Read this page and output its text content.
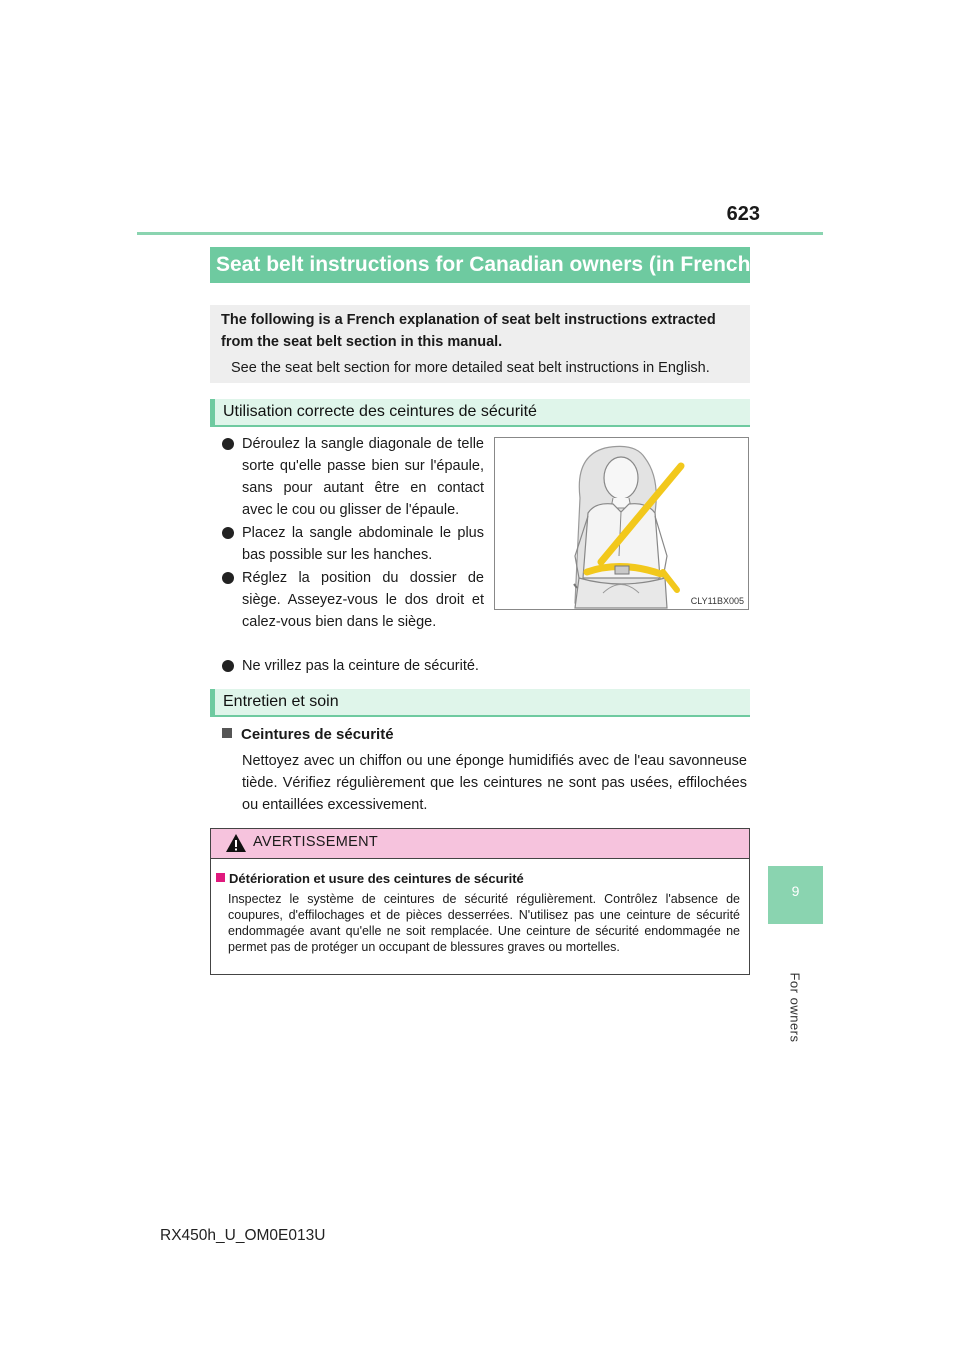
623
9
For owners
Seat belt instructions for Canadian owners (in French)
The following is a French explanation of seat belt instructions extracted from the seat belt section in this manual.
See the seat belt section for more detailed seat belt instructions in English.
Utilisation correcte des ceintures de sécurité
Déroulez la sangle diagonale de telle sorte qu'elle passe bien sur l'épaule, sans pour autant être en contact avec le cou ou glisser de l'épaule.
Placez la sangle abdominale le plus bas possible sur les hanches.
Réglez la position du dossier de siège. Asseyez-vous le dos droit et calez-vous bien dans le siège.
Ne vrillez pas la ceinture de sécurité.
CLY11BX005
Entretien et soin
Ceintures de sécurité
Nettoyez avec un chiffon ou une éponge humidifiés avec de l'eau savonneuse tiède. Vérifiez régulièrement que les ceintures ne sont pas usées, effilochées ou entaillées excessivement.
AVERTISSEMENT
Détérioration et usure des ceintures de sécurité
Inspectez le système de ceintures de sécurité régulièrement. Contrôlez l'absence de coupures, d'effilochages et de pièces desserrées. N'utilisez pas une ceinture de sécurité endommagée avant qu'elle ne soit remplacée. Une ceinture de sécurité endommagée ne permet pas de protéger un occupant de blessures graves ou mortelles.
RX450h_U_OM0E013U
